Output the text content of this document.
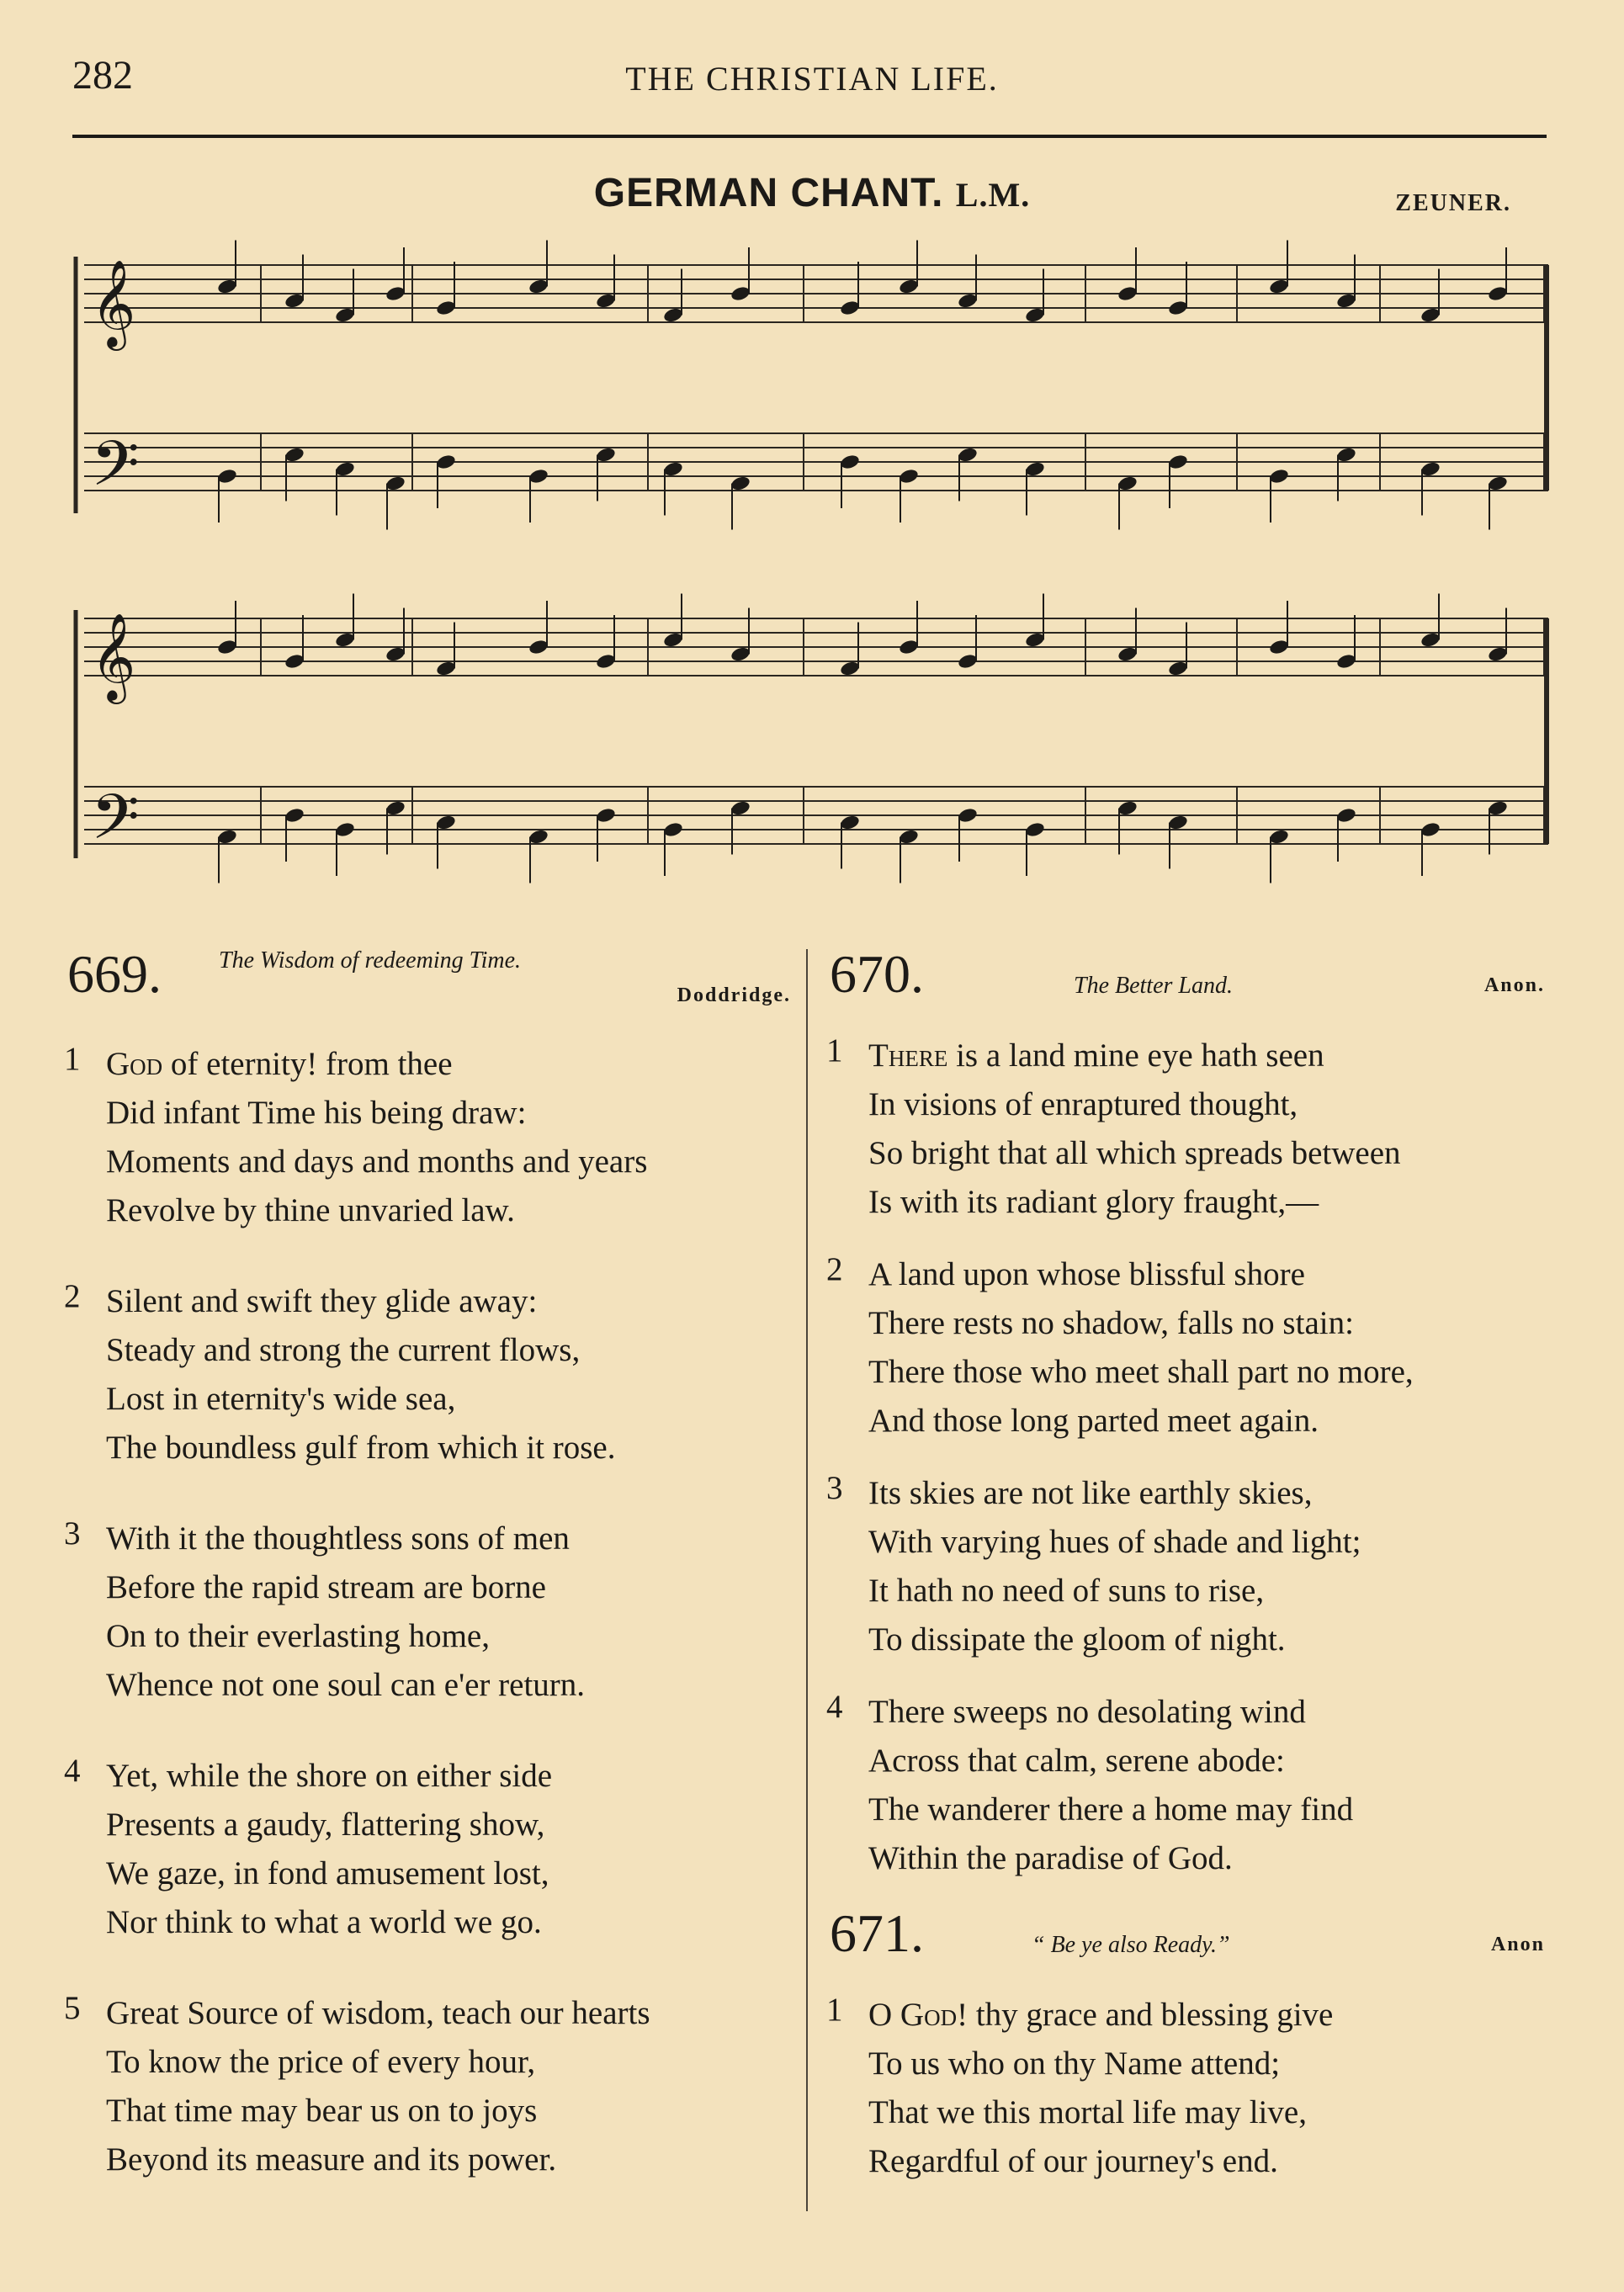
282	THE CHRISTIAN LIFE.
GERMAN CHANT. L.M.	ZEUNER.
𝄞
𝄞
𝄢
𝄢
669. The Wisdom of redeeming Time.
Doddridge.
1 God of eternity! from thee
Did infant Time his being draw:
Moments and days and months and years
Revolve by thine unvaried law.
2 Silent and swift they glide away:
Steady and strong the current flows,
Lost in eternity's wide sea,
The boundless gulf from which it rose.
3 With it the thoughtless sons of men
Before the rapid stream are borne
On to their everlasting home,
Whence not one soul can e'er return.
4 Yet, while the shore on either side
Presents a gaudy, flattering show,
We gaze, in fond amusement lost,
Nor think to what a world we go.
5 Great Source of wisdom, teach our hearts
To know the price of every hour,
That time may bear us on to joys
Beyond its measure and its power.
670.	The Better Land.	Anon.
1 There is a land mine eye hath seen
In visions of enraptured thought,
So bright that all which spreads between
Is with its radiant glory fraught,—
2 A land upon whose blissful shore
There rests no shadow, falls no stain:
There those who meet shall part no more,
And those long parted meet again.
3 Its skies are not like earthly skies,
With varying hues of shade and light;
It hath no need of suns to rise,
To dissipate the gloom of night.
4 There sweeps no desolating wind
Across that calm, serene abode:
The wanderer there a home may find
Within the paradise of God.
671.	“ Be ye also Ready.”	Anon
1 O God! thy grace and blessing give
To us who on thy Name attend;
That we this mortal life may live,
Regardful of our journey's end.
